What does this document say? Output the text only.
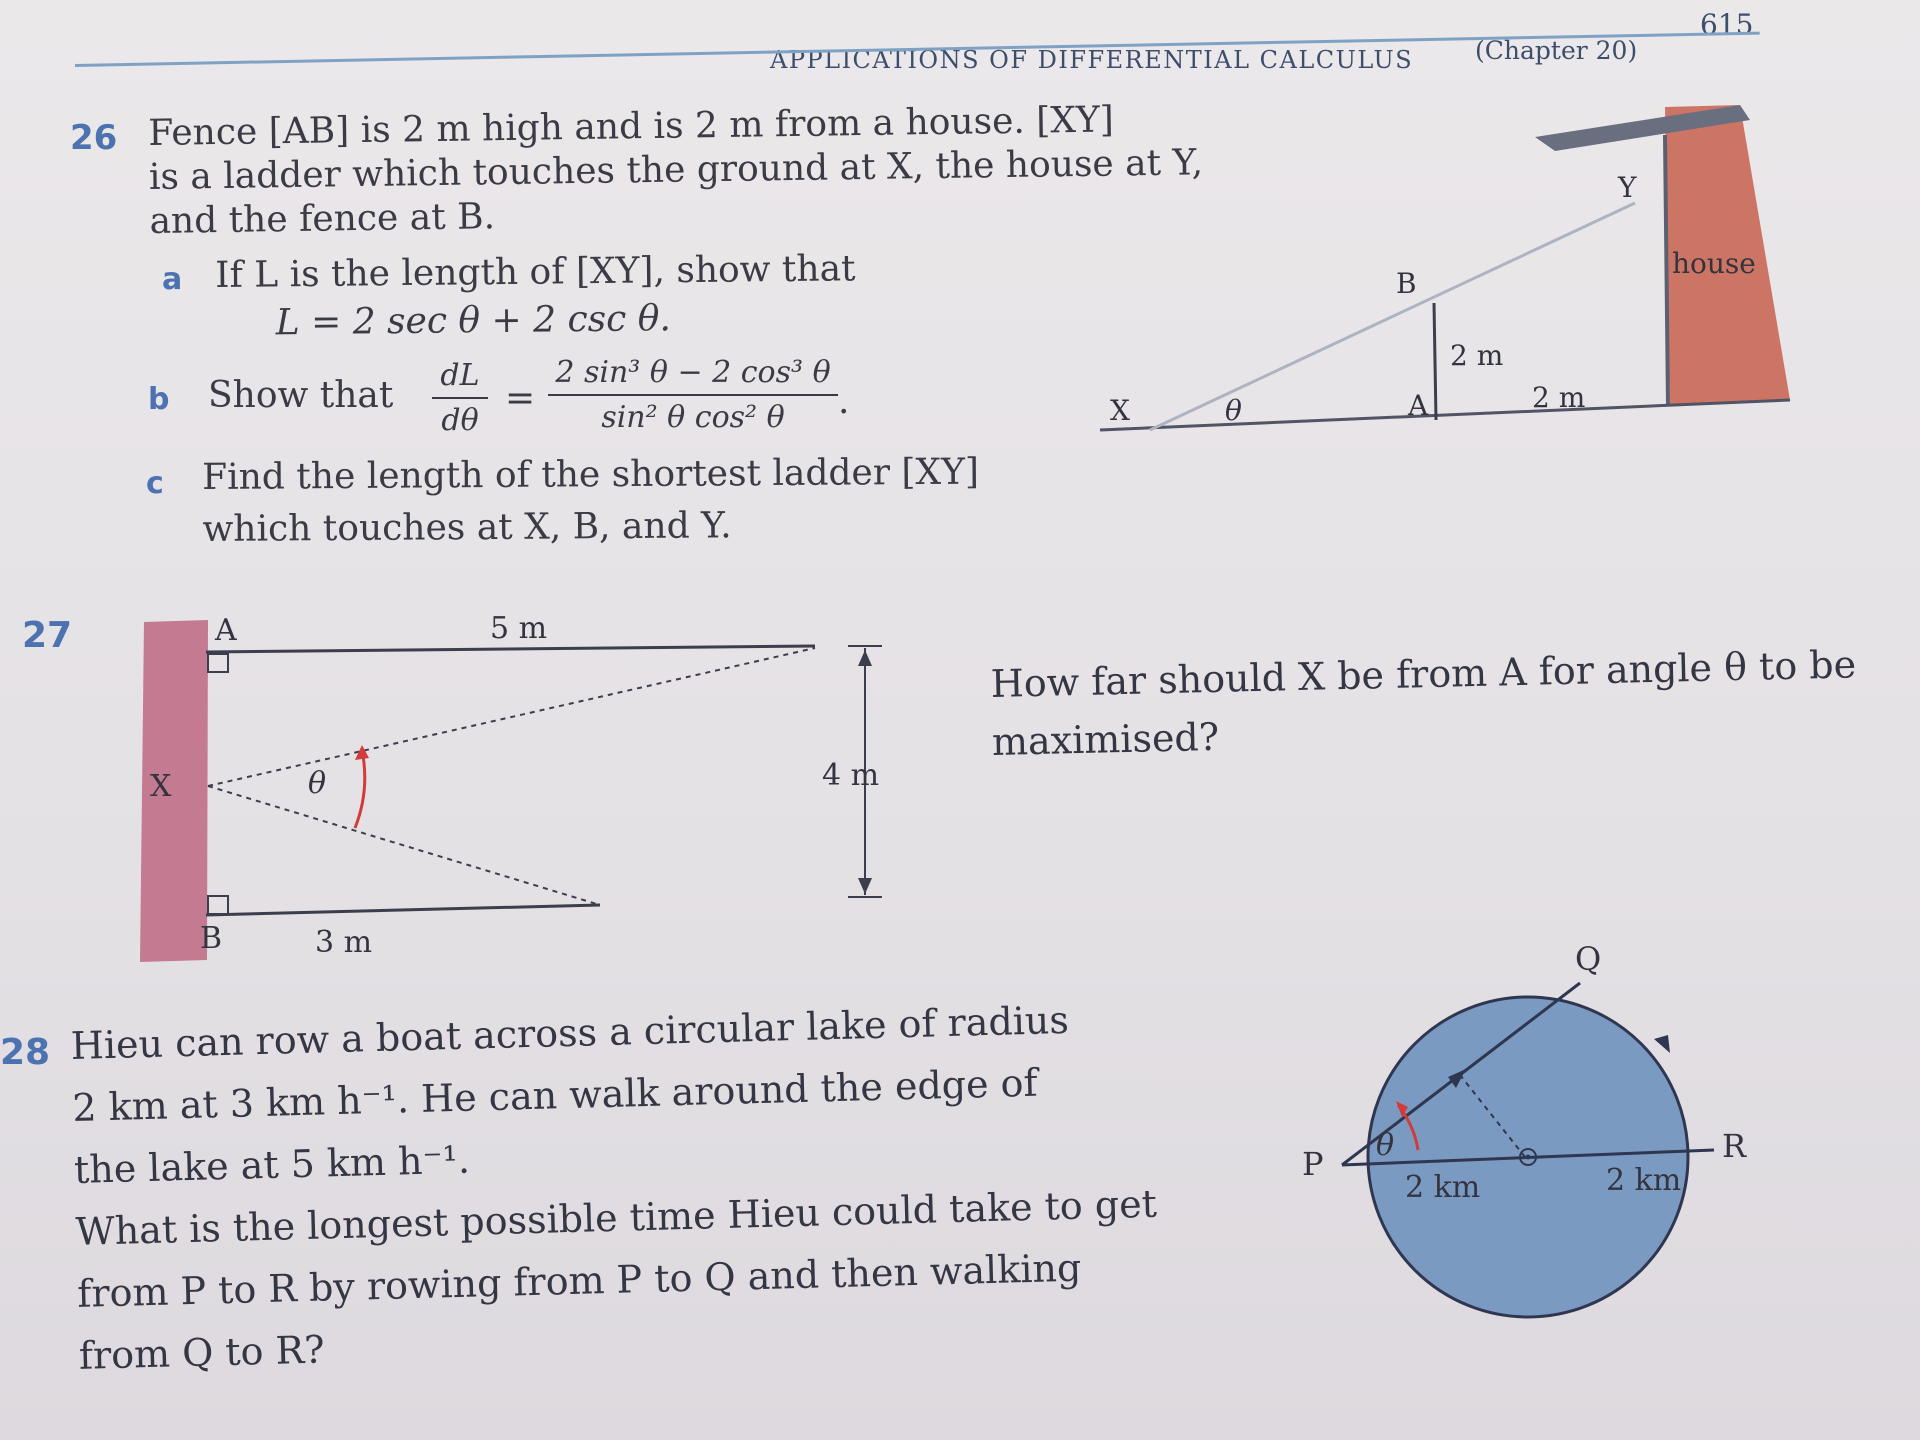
APPLICATIONS OF DIFFERENTIAL CALCULUS (Chapter 20)
615
26 Fence [AB] is 2 m high and is 2 m from a house. [XY]
is a ladder which touches the ground at X, the house at Y,
and the fence at B.
a If L is the length of [XY], show that
L = 2 sec θ + 2 csc θ.
b Show that dL
dθ
=
2 sin³ θ − 2 cos³ θ
sin² θ cos² θ	.
c Find the length of the shortest ladder [XY]
which touches at X, B, and Y.
Y
house
B
2 m
X	θ	A	2 m
27	A	5 m
X	θ	4 m
B	3 m
How far should X be from A for angle θ to be
maximised?
28 Hieu can row a boat across a circular lake of radius
2 km at 3 km h⁻¹. He can walk around the edge of
the lake at 5 km h⁻¹.
What is the longest possible time Hieu could take to get
from P to R by rowing from P to Q and then walking
from Q to R?
Q
P	R
θ
2 km	2 km
